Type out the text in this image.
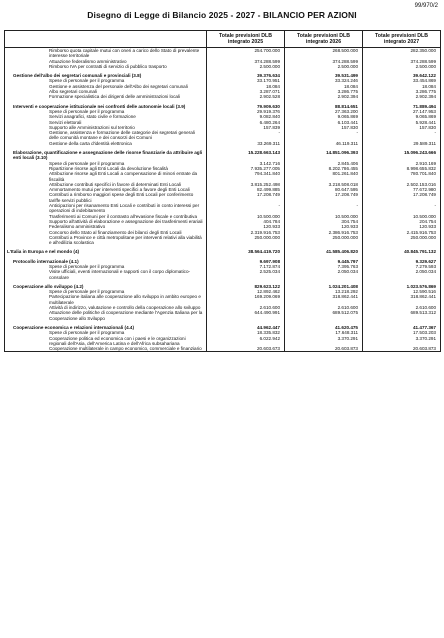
99/970/2
Disegno di Legge di Bilancio 2025 - 2027 - BILANCIO PER AZIONI
	Totale previsioni DLB integrato 2025	Totale previsioni DLB integrato 2026	Totale previsioni DLB integrato 2027
Rimborso quota capitale mutui con oneri a carico dello Stato di prevalente interesse territoriale	254.700.000	268.500.000	282.350.000
Attuazione federalismo amministrativo	374.288.599	374.288.599	374.288.599
Rimborso IVA per contratti di servizio di pubblico trasporto	2.500.000	2.500.000	2.500.000

Gestione dell'albo dei segretari comunali e provinciali (3.8)	39.376.634	39.531.499	39.642.122
Spese di personale per il programma	33.170.951	33.324.246	33.454.869
Gestione e assistenza del personale dell'Albo dei segretari comunali	18.084	18.084	18.084
Albo segretari comunali	3.287.071	3.286.775	3.286.775
Formazione specialistica dei dirigenti delle amministrazioni locali	2.902.528	2.902.394	2.902.394

Interventi e cooperazione istituzionale nei confronti delle autonomie locali (3.9)	79.909.630	88.814.651	71.889.494
Spese di personale per il programma	29.919.376	27.363.200	27.147.953
Servizi anagrafici, stato civile e formazione	9.082.840	9.065.869	9.065.869
Servizi elettorali	6.480.264	6.103.441	5.928.441
Supporto alle Amministrazioni sul territorio	157.839	157.830	157.830
Gestione, assistenza e formazione delle categorie dei segretari generali delle comunità montane e dei consorzi dei Comuni	-	-	-
Gestione della carta d'identità elettronica	33.269.311	46.119.311	29.589.311

Elaborazione, quantificazione e assegnazione delle risorse finanziarie da attribuire agli enti locali (3.10)	15.228.663.143	14.851.096.393	15.096.243.666
Spese di personale per il programma	3.142.716	2.845.406	2.910.169
Ripartizione risorse agli Enti Locali da devoluzione fiscalità	7.935.277.005	8.202.786.455	8.998.655.832
Attribuzione risorse agli Enti Locali a compensazione di minori entrate da fiscalità	794.341.840	801.261.840	780.701.840
Attribuzione contributi specifici in favore di determinati Enti Locali	3.815.252.498	3.218.508.018	2.502.153.016
Ammortamento mutui per interventi specifici a favore degli Enti Locali	82.499.885	80.647.595	77.672.980
Contributi a rimborso maggiori spese degli Enti Locali per conferimento tariffe servizi pubblici	17.208.749	17.208.749	17.208.749
Anticipazioni per risanamento Enti Locali e contributi in conto interessi per operazioni di indebitamento	-	-	-
Trasferimenti ai Comuni per il contrasto all'evasione fiscale e contributiva	10.500.000	10.500.000	10.500.000
Supporto all'attività di elaborazione e assegnazione dei trasferimenti erariali	404.784	304.754	204.754
Federalismo amministrativo	120.933	120.933	120.933
Concorso dello Stato al finanziamento dei bilanci degli Enti Locali	2.319.916.753	2.386.916.753	2.415.916.753
Contributi a Province e città metropolitane per interventi relativi alla viabilità e all'edilizia scolastica	250.000.000	250.000.000	250.000.000

L'Italia in Europa e nel mondo (4)	38.564.419.720	41.585.406.820	40.845.791.132

Protocollo internazionale (4.1)	9.697.908	9.445.797	9.329.627
Spese di personale per il programma	7.172.874	7.395.763	7.279.593
Visite ufficiali, eventi internazionali e rapporti con il corpo diplomatico-consolare	2.525.034	2.050.034	2.050.034

Cooperazione allo sviluppo (4.2)	829.623.122	1.024.201.408	1.023.576.869
Spese di personale per il programma	12.892.462	13.218.292	12.590.516
Partecipazione italiana alle cooperazione allo sviluppo in ambito europeo e multilaterale	169.209.069	318.862.441	318.862.441
Attività di indirizzo, valutazione e controllo della cooperazione allo sviluppo	2.610.600	2.610.600	2.610.600
Attuazione delle politiche di cooperazione mediante l'Agenzia Italiana per la Cooperazione allo Sviluppo	644.490.991	689.512.075	689.513.312

Cooperazione economica e relazioni internazionali (4.4)	44.962.447	41.620.475	41.477.367
Spese di personale per il programma	18.335.832	17.648.311	17.503.203
Cooperazione politica ed economica con i paesi e le organizzazioni regionali dell'Asia, dell'America Latina e dell'Africa subsahariana	6.022.942	3.370.291	3.370.291
Cooperazione multilaterale in campo economico, commerciale e finanziario	20.603.673	20.603.873	20.603.873
